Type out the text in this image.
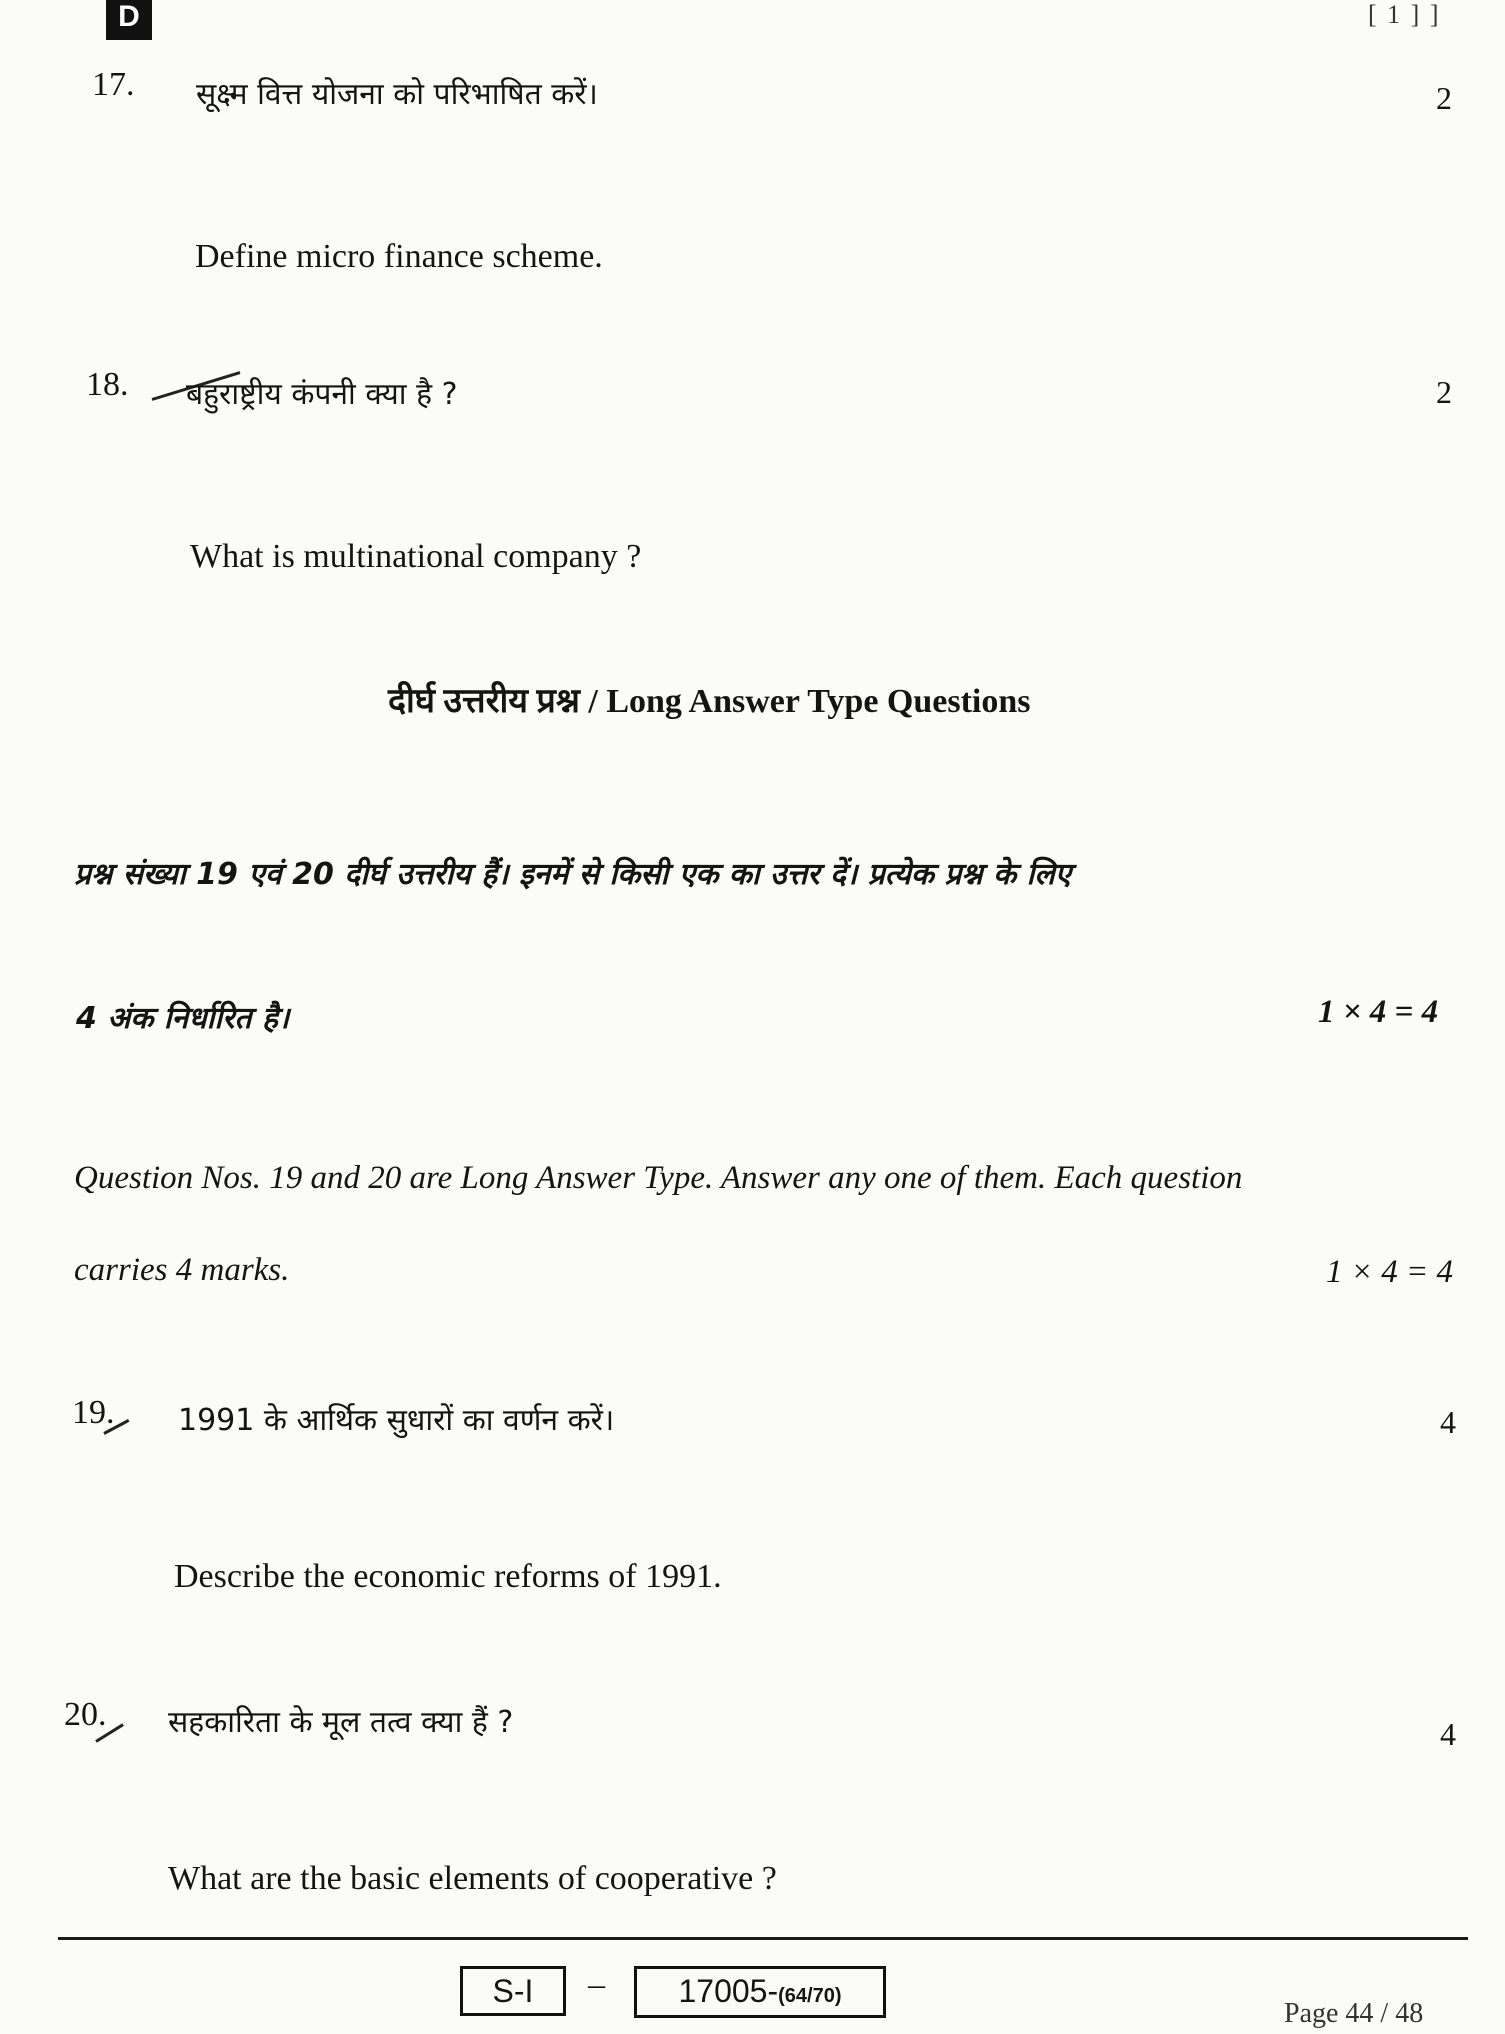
D	[ 1 ] ]
17. सूक्ष्म वित्त योजना को परिभाषित करें।	2
Define micro finance scheme.
18. बहुराष्ट्रीय कंपनी क्या है ?	2
What is multinational company ?
दीर्घ उत्तरीय प्रश्न / Long Answer Type Questions
प्रश्न संख्या 19 एवं 20 दीर्घ उत्तरीय हैं। इनमें से किसी एक का उत्तर दें। प्रत्येक प्रश्न के लिए
4 अंक निर्धारित है।	1 × 4 = 4
Question Nos. 19 and 20 are Long Answer Type. Answer any one of them. Each question
carries 4 marks.	1 × 4 = 4
19. 1991 के आर्थिक सुधारों का वर्णन करें।	4
Describe the economic reforms of 1991.
20. सहकारिता के मूल तत्व क्या हैं ?	4
What are the basic elements of cooperative ?
S-I	–	17005-(64/70)
Page 44 / 48
